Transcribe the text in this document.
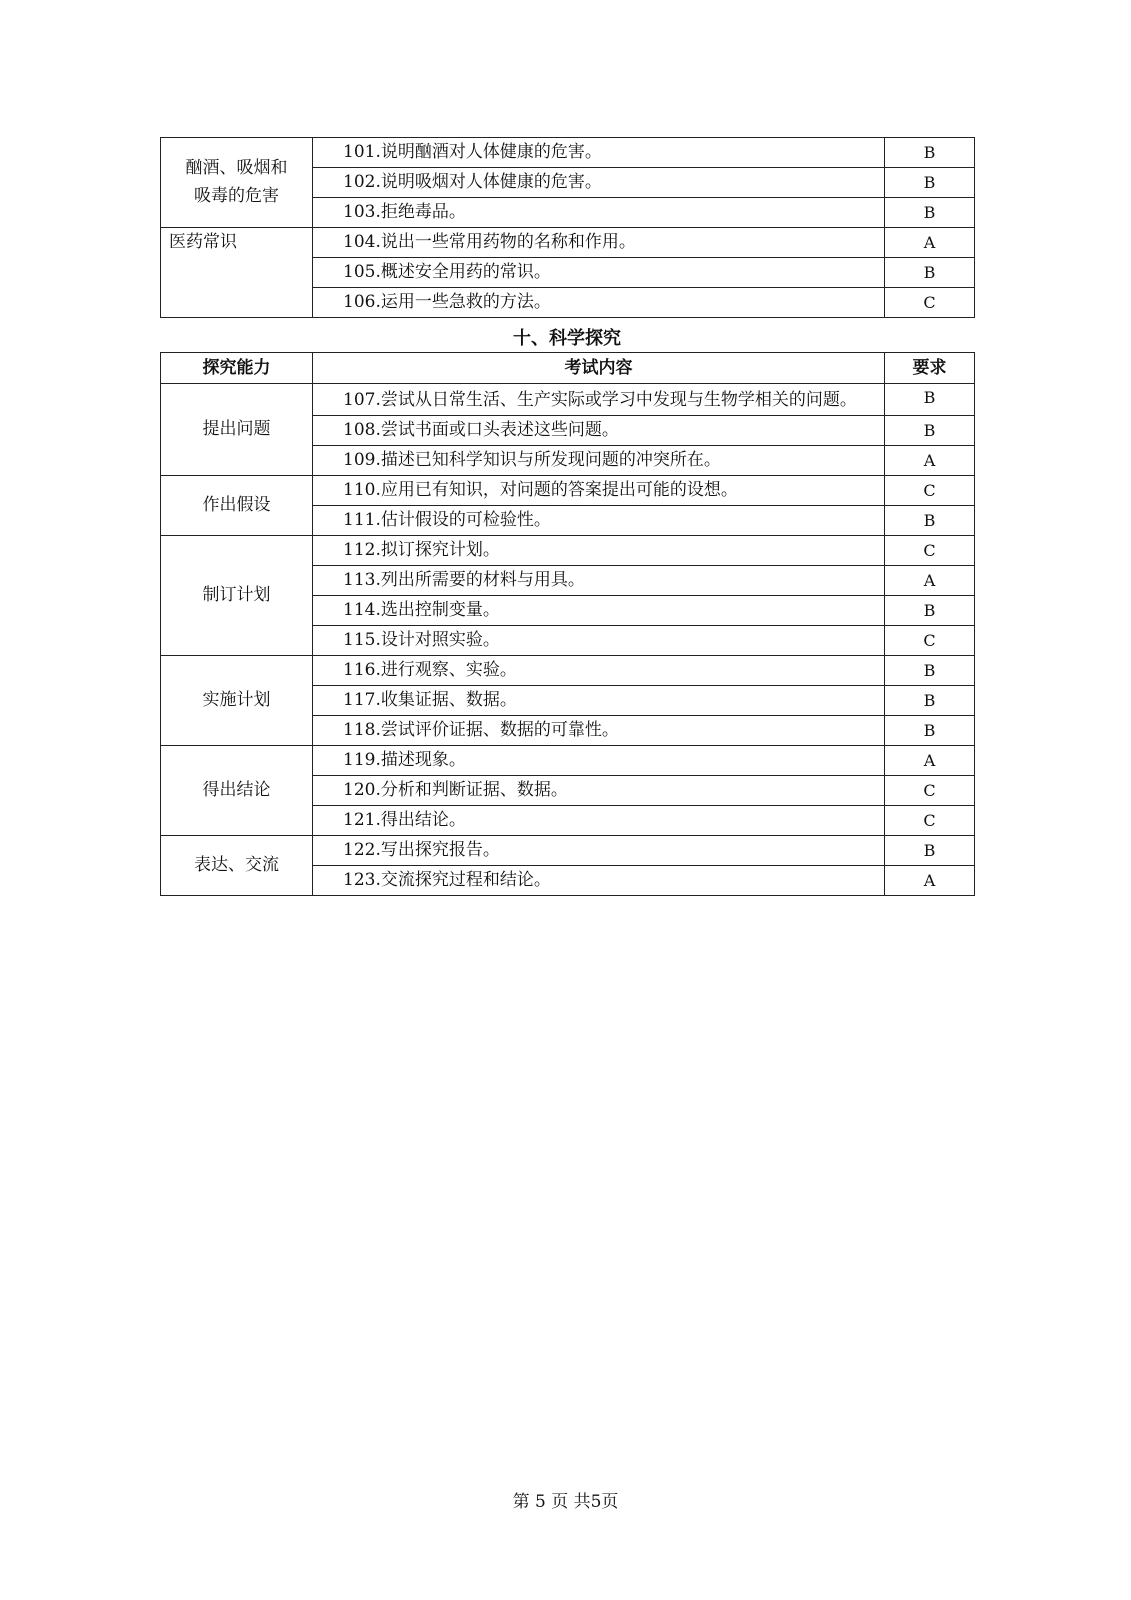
酗酒、吸烟和
吸毒的危害	101.说明酗酒对人体健康的危害。	B
	102.说明吸烟对人体健康的危害。	B
	103.拒绝毒品。	B
医药常识	104.说出一些常用药物的名称和作用。	A
	105.概述安全用药的常识。	B
	106.运用一些急救的方法。	C
十、科学探究
探究能力	考试内容	要求
提出问题	107.尝试从日常生活、生产实际或学习中发现与生物学相关的问题。	B
	108.尝试书面或口头表述这些问题。	B
	109.描述已知科学知识与所发现问题的冲突所在。	A
作出假设	110.应用已有知识，对问题的答案提出可能的设想。	C
	111.估计假设的可检验性。	B
制订计划	112.拟订探究计划。	C
	113.列出所需要的材料与用具。	A
	114.选出控制变量。	B
	115.设计对照实验。	C
实施计划	116.进行观察、实验。	B
	117.收集证据、数据。	B
	118.尝试评价证据、数据的可靠性。	B
得出结论	119.描述现象。	A
	120.分析和判断证据、数据。	C
	121.得出结论。	C
表达、交流	122.写出探究报告。	B
	123.交流探究过程和结论。	A
第 5 页 共5页
